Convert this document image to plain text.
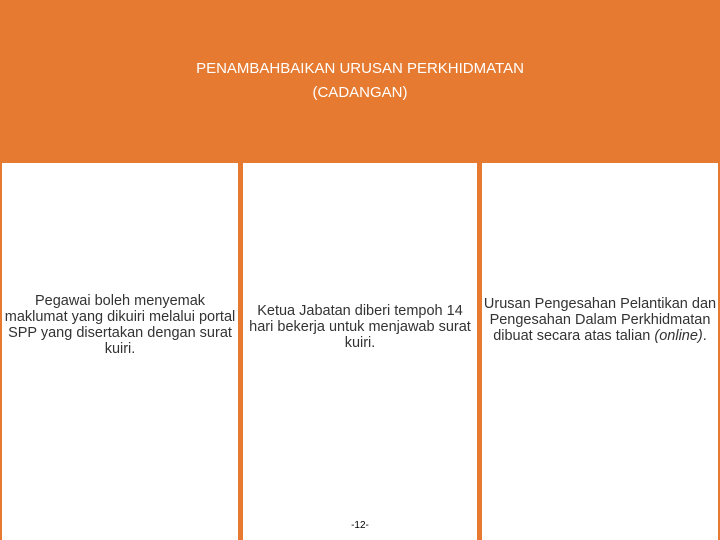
PENAMBAHBAIKAN URUSAN PERKHIDMATAN
(CADANGAN)
Pegawai boleh menyemak maklumat yang dikuiri melalui portal SPP yang disertakan dengan surat kuiri.
Ketua Jabatan diberi tempoh 14 hari bekerja untuk menjawab surat kuiri.
Urusan Pengesahan Pelantikan dan Pengesahan Dalam Perkhidmatan dibuat secara atas talian (online).
-12-
